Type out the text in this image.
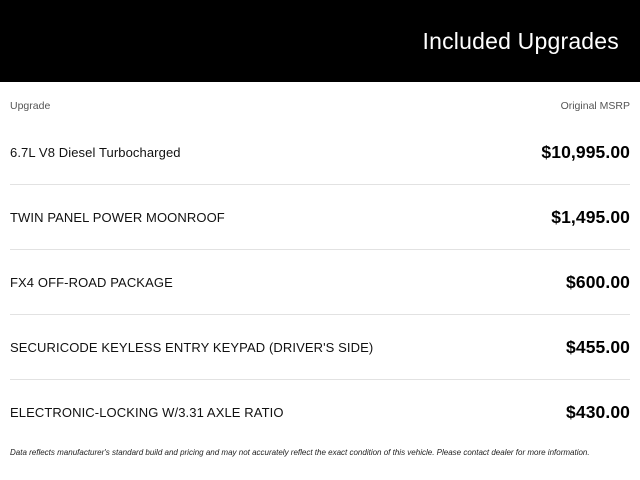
Included Upgrades
Upgrade	Original MSRP
6.7L V8 Diesel Turbocharged	$10,995.00
TWIN PANEL POWER MOONROOF	$1,495.00
FX4 OFF-ROAD PACKAGE	$600.00
SECURICODE KEYLESS ENTRY KEYPAD (DRIVER'S SIDE)	$455.00
ELECTRONIC-LOCKING W/3.31 AXLE RATIO	$430.00
Data reflects manufacturer's standard build and pricing and may not accurately reflect the exact condition of this vehicle. Please contact dealer for more information.
